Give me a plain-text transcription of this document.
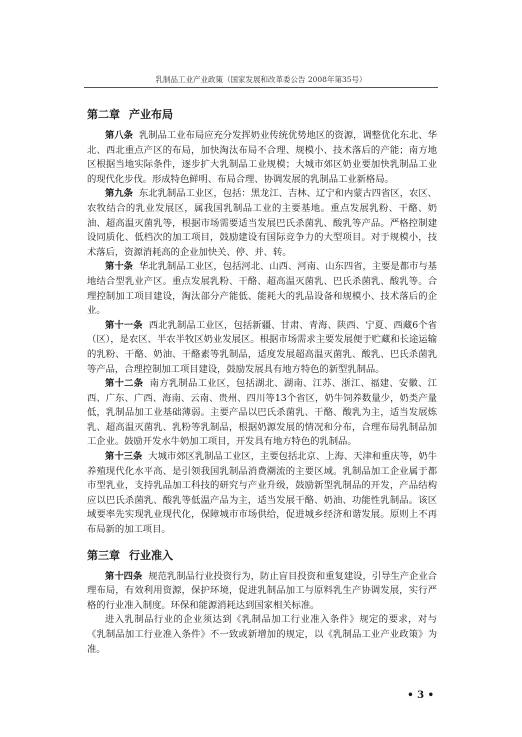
乳制品工业产业政策（国家发展和改革委公告 2008年第35号）
第二章 产业布局

第八条 乳制品工业布局应充分发挥奶业传统优势地区的资源，调整优化东北、华北、西北重点产区的布局，加快淘汰布局不合理、规模小、技术落后的产能；南方地区根据当地实际条件，逐步扩大乳制品工业规模；大城市郊区奶业要加快乳制品工业的现代化步伐。形成特色鲜明、布局合理、协调发展的乳制品工业新格局。

第九条 东北乳制品工业区，包括：黑龙江、吉林、辽宁和内蒙古四省区，农区、农牧结合的乳业发展区，属我国乳制品工业的主要基地。重点发展乳粉、干酪、奶油、超高温灭菌乳等，根据市场需要适当发展巴氏杀菌乳、酸乳等产品。严格控制建设同质化、低档次的加工项目，鼓励建设有国际竞争力的大型项目。对于规模小，技术落后，资源消耗高的企业加快关、停、并、转。

第十条 华北乳制品工业区，包括河北、山西、河南、山东四省，主要是都市与基地结合型乳业产区。重点发展乳粉、干酪、超高温灭菌乳、巴氏杀菌乳、酸乳等。合理控制加工项目建设，淘汰部分产能低、能耗大的乳品设备和规模小、技术落后的企业。

第十一条 西北乳制品工业区，包括新疆、甘肃、青海、陕西、宁夏、西藏6个省（区），是农区、半农半牧区奶业发展区。根据市场需求主要发展便于贮藏和长途运输的乳粉、干酪、奶油、干酪素等乳制品，适度发展超高温灭菌乳、酸乳、巴氏杀菌乳等产品，合理控制加工项目建设，鼓励发展具有地方特色的新型乳制品。

第十二条 南方乳制品工业区，包括湖北、湖南、江苏、浙江、福建、安徽、江西、广东、广西、海南、云南、贵州、四川等13个省区，奶牛饲养数量少，奶类产量低，乳制品加工业基础薄弱。主要产品以巴氏杀菌乳、干酪、酸乳为主，适当发展炼乳、超高温灭菌乳、乳粉等乳制品，根据奶源发展的情况和分布，合理布局乳制品加工企业。鼓励开发水牛奶加工项目，开发具有地方特色的乳制品。

第十三条 大城市郊区乳制品工业区，主要包括北京、上海、天津和重庆等，奶牛养殖现代化水平高、是引领我国乳制品消费潮流的主要区域。乳制品加工企业属于都市型乳业，支持乳品加工科技的研究与产业升级，鼓励新型乳制品的开发，产品结构应以巴氏杀菌乳、酸乳等低温产品为主，适当发展干酪、奶油、功能性乳制品。该区域要率先实现乳业现代化，保障城市市场供给，促进城乡经济和谐发展。原则上不再布局新的加工项目。

第三章 行业准入

第十四条 规范乳制品行业投资行为，防止盲目投资和重复建设，引导生产企业合理布局，有效利用资源，保护环境，促进乳制品加工与原料乳生产协调发展，实行严格的行业准入制度。环保和能源消耗达到国家相关标准。

进入乳制品行业的企业须达到《乳制品加工行业准入条件》规定的要求，对与《乳制品加工行业准入条件》不一致或新增加的规定，以《乳制品工业产业政策》为准。

• 3 •
